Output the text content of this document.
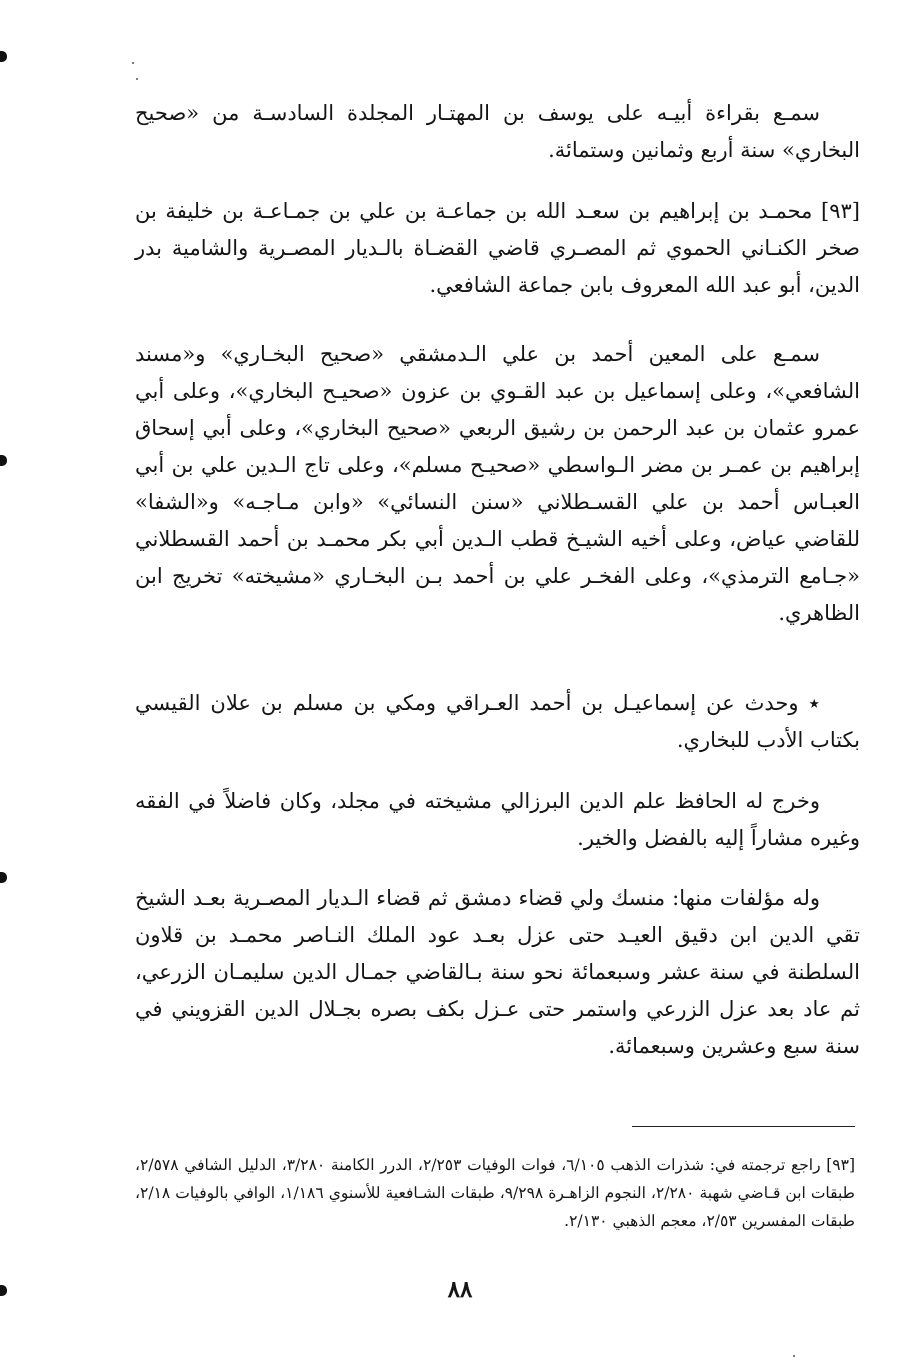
سمـع بقراءة أبيـه على يوسف بن المهتـار المجلدة السادسـة من «صحيح البخاري» سنة أربع وثمانين وستمائة.

[٩٣] محمـد بن إبراهيم بن سعـد الله بن جماعـة بن علي بن جمـاعـة بن خليفة بن صخر الكنـاني الحموي ثم المصـري قاضي القضـاة بالـديار المصـرية والشامية بدر الدين، أبو عبد الله المعروف بابن جماعة الشافعي.

سمـع على المعين أحمد بن علي الـدمشقي «صحيح البخـاري» و«مسند الشافعي»، وعلى إسماعيل بن عبد القـوي بن عزون «صحيـح البخاري»، وعلى أبي عمرو عثمان بن عبد الرحمن بن رشيق الربعي «صحيح البخاري»، وعلى أبي إسحاق إبراهيم بن عمـر بن مضر الـواسطي «صحيـح مسلم»، وعلى تاج الـدين علي بن أبي العبـاس أحمد بن علي القسـطلاني «سنن النسائي» «وابن مـاجـه» و«الشفا» للقاضي عياض، وعلى أخيه الشيـخ قطب الـدين أبي بكر محمـد بن أحمد القسطلاني «جـامع الترمذي»، وعلى الفخـر علي بن أحمد بـن البخـاري «مشيخته» تخريج ابن الظاهري.

٭ وحدث عن إسماعيـل بن أحمد العـراقي ومكي بن مسلم بن علان القيسي بكتاب الأدب للبخاري.

وخرج له الحافظ علم الدين البرزالي مشيخته في مجلد، وكان فاضلاً في الفقه وغيره مشاراً إليه بالفضل والخير.

وله مؤلفات منها: منسك ولي قضاء دمشق ثم قضاء الـديار المصـرية بعـد الشيخ تقي الدين ابن دقيق العيـد حتى عزل بعـد عود الملك النـاصر محمـد بن قلاون السلطنة في سنة عشر وسبعمائة نحو سنة بـالقاضي جمـال الدين سليمـان الزرعي، ثم عاد بعد عزل الزرعي واستمر حتى عـزل بكف بصره بجـلال الدين القزويني في سنة سبع وعشرين وسبعمائة.

[٩٣] راجع ترجمته في: شذرات الذهب ٦/١٠٥، فوات الوفيات ٢/٢٥٣، الدرر الكامنة ٣/٢٨٠، الدليل الشافي ٢/٥٧٨، طبقات ابن قـاضي شهبة ٢/٢٨٠، النجوم الزاهـرة ٩/٢٩٨، طبقات الشـافعية للأسنوي ١/١٨٦، الوافي بالوفيات ٢/١٨، طبقات المفسرين ٢/٥٣، معجم الذهبي ٢/١٣٠.

٨٨
